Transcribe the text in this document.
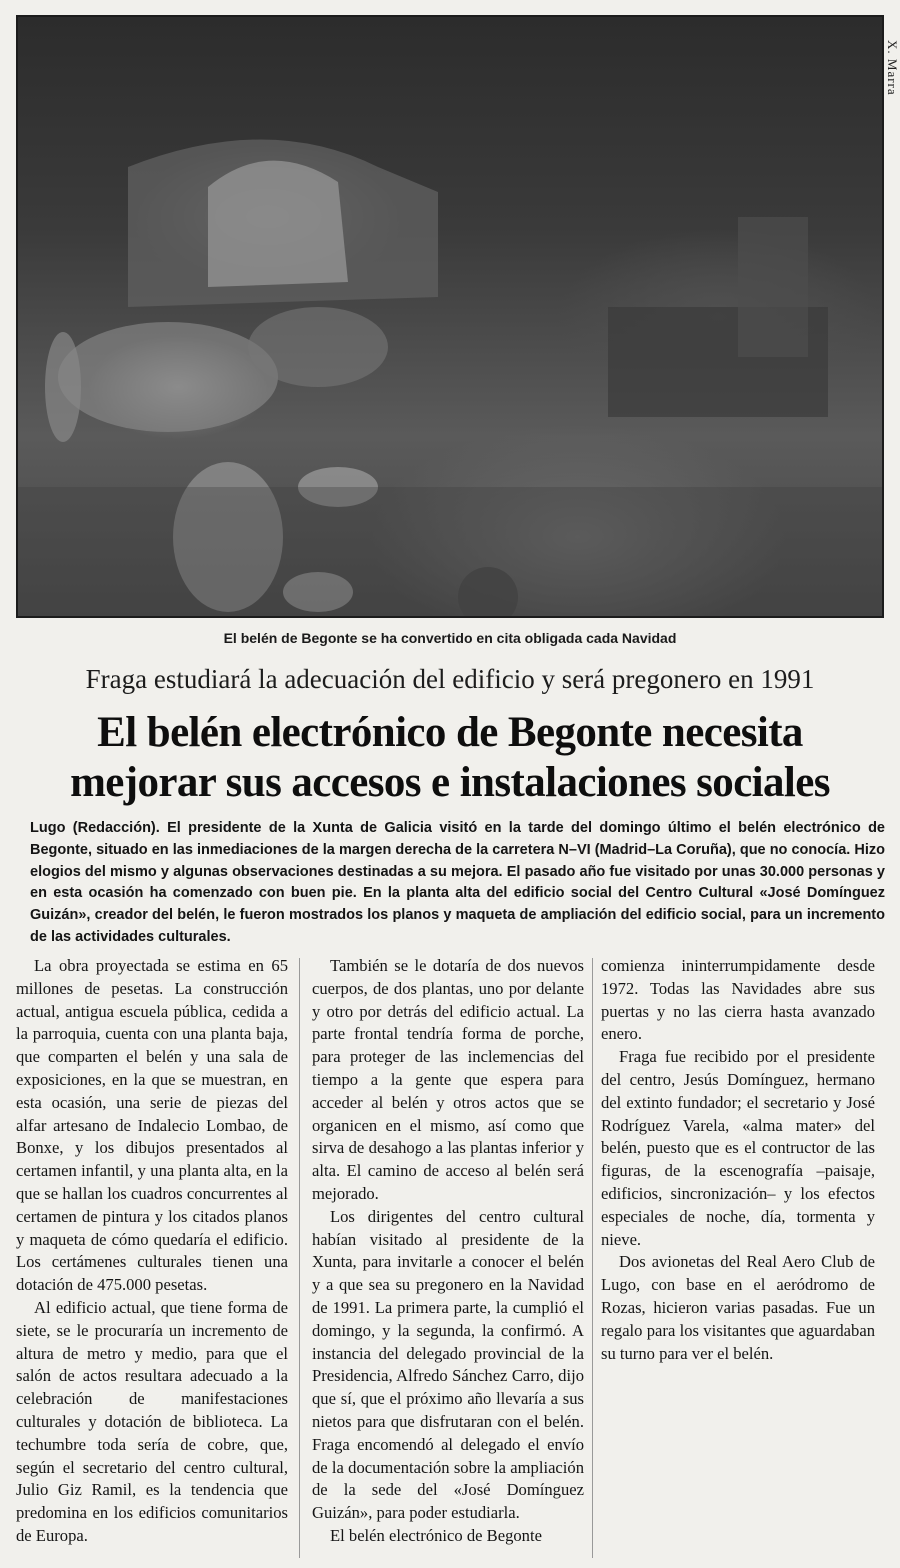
X. Marra
El belén de Begonte se ha convertido en cita obligada cada Navidad
Fraga estudiará la adecuación del edificio y será pregonero en 1991
El belén electrónico de Begonte necesita
mejorar sus accesos e instalaciones sociales
Lugo (Redacción). El presidente de la Xunta de Galicia visitó en la tarde del domingo último el belén electrónico de Begonte, situado en las inmediaciones de la margen derecha de la carretera N–VI (Madrid–La Coruña), que no conocía. Hizo elogios del mismo y algunas observaciones destinadas a su mejora. El pasado año fue visitado por unas 30.000 personas y en esta ocasión ha comenzado con buen pie. En la planta alta del edificio social del Centro Cultural «José Domínguez Guizán», creador del belén, le fueron mostrados los planos y maqueta de ampliación del edificio social, para un incremento de las actividades culturales.

La obra proyectada se estima en 65 millones de pesetas. La construcción actual, antigua escuela pública, cedida a la parroquia, cuenta con una planta baja, que comparten el belén y una sala de exposiciones, en la que se muestran, en esta ocasión, una serie de piezas del alfar artesano de Indalecio Lombao, de Bonxe, y los dibujos presentados al certamen infantil, y una planta alta, en la que se hallan los cuadros concurrentes al certamen de pintura y los citados planos y maqueta de cómo quedaría el edificio. Los certámenes culturales tienen una dotación de 475.000 pesetas.

Al edificio actual, que tiene forma de siete, se le procuraría un incremento de altura de metro y medio, para que el salón de actos resultara adecuado a la celebración de manifestaciones culturales y dotación de biblioteca. La techumbre toda sería de cobre, que, según el secretario del centro cultural, Julio Giz Ramil, es la tendencia que predomina en los edificios comunitarios de Europa.

También se le dotaría de dos nuevos cuerpos, de dos plantas, uno por delante y otro por detrás del edificio actual. La parte frontal tendría forma de porche, para proteger de las inclemencias del tiempo a la gente que espera para acceder al belén y otros actos que se organicen en el mismo, así como que sirva de desahogo a las plantas inferior y alta. El camino de acceso al belén será mejorado.

Los dirigentes del centro cultural habían visitado al presidente de la Xunta, para invitarle a conocer el belén y a que sea su pregonero en la Navidad de 1991. La primera parte, la cumplió el domingo, y la segunda, la confirmó. A instancia del delegado provincial de la Presidencia, Alfredo Sánchez Carro, dijo que sí, que el próximo año llevaría a sus nietos para que disfrutaran con el belén. Fraga encomendó al delegado el envío de la documentación sobre la ampliación de la sede del «José Domínguez Guizán», para poder estudiarla.

El belén electrónico de Begonte

comienza ininterrumpidamente desde 1972. Todas las Navidades abre sus puertas y no las cierra hasta avanzado enero.

Fraga fue recibido por el presidente del centro, Jesús Domínguez, hermano del extinto fundador; el secretario y José Rodríguez Varela, «alma mater» del belén, puesto que es el contructor de las figuras, de la escenografía –paisaje, edificios, sincronización– y los efectos especiales de noche, día, tormenta y nieve.

Dos avionetas del Real Aero Club de Lugo, con base en el aeródromo de Rozas, hicieron varias pasadas. Fue un regalo para los visitantes que aguardaban su turno para ver el belén.
